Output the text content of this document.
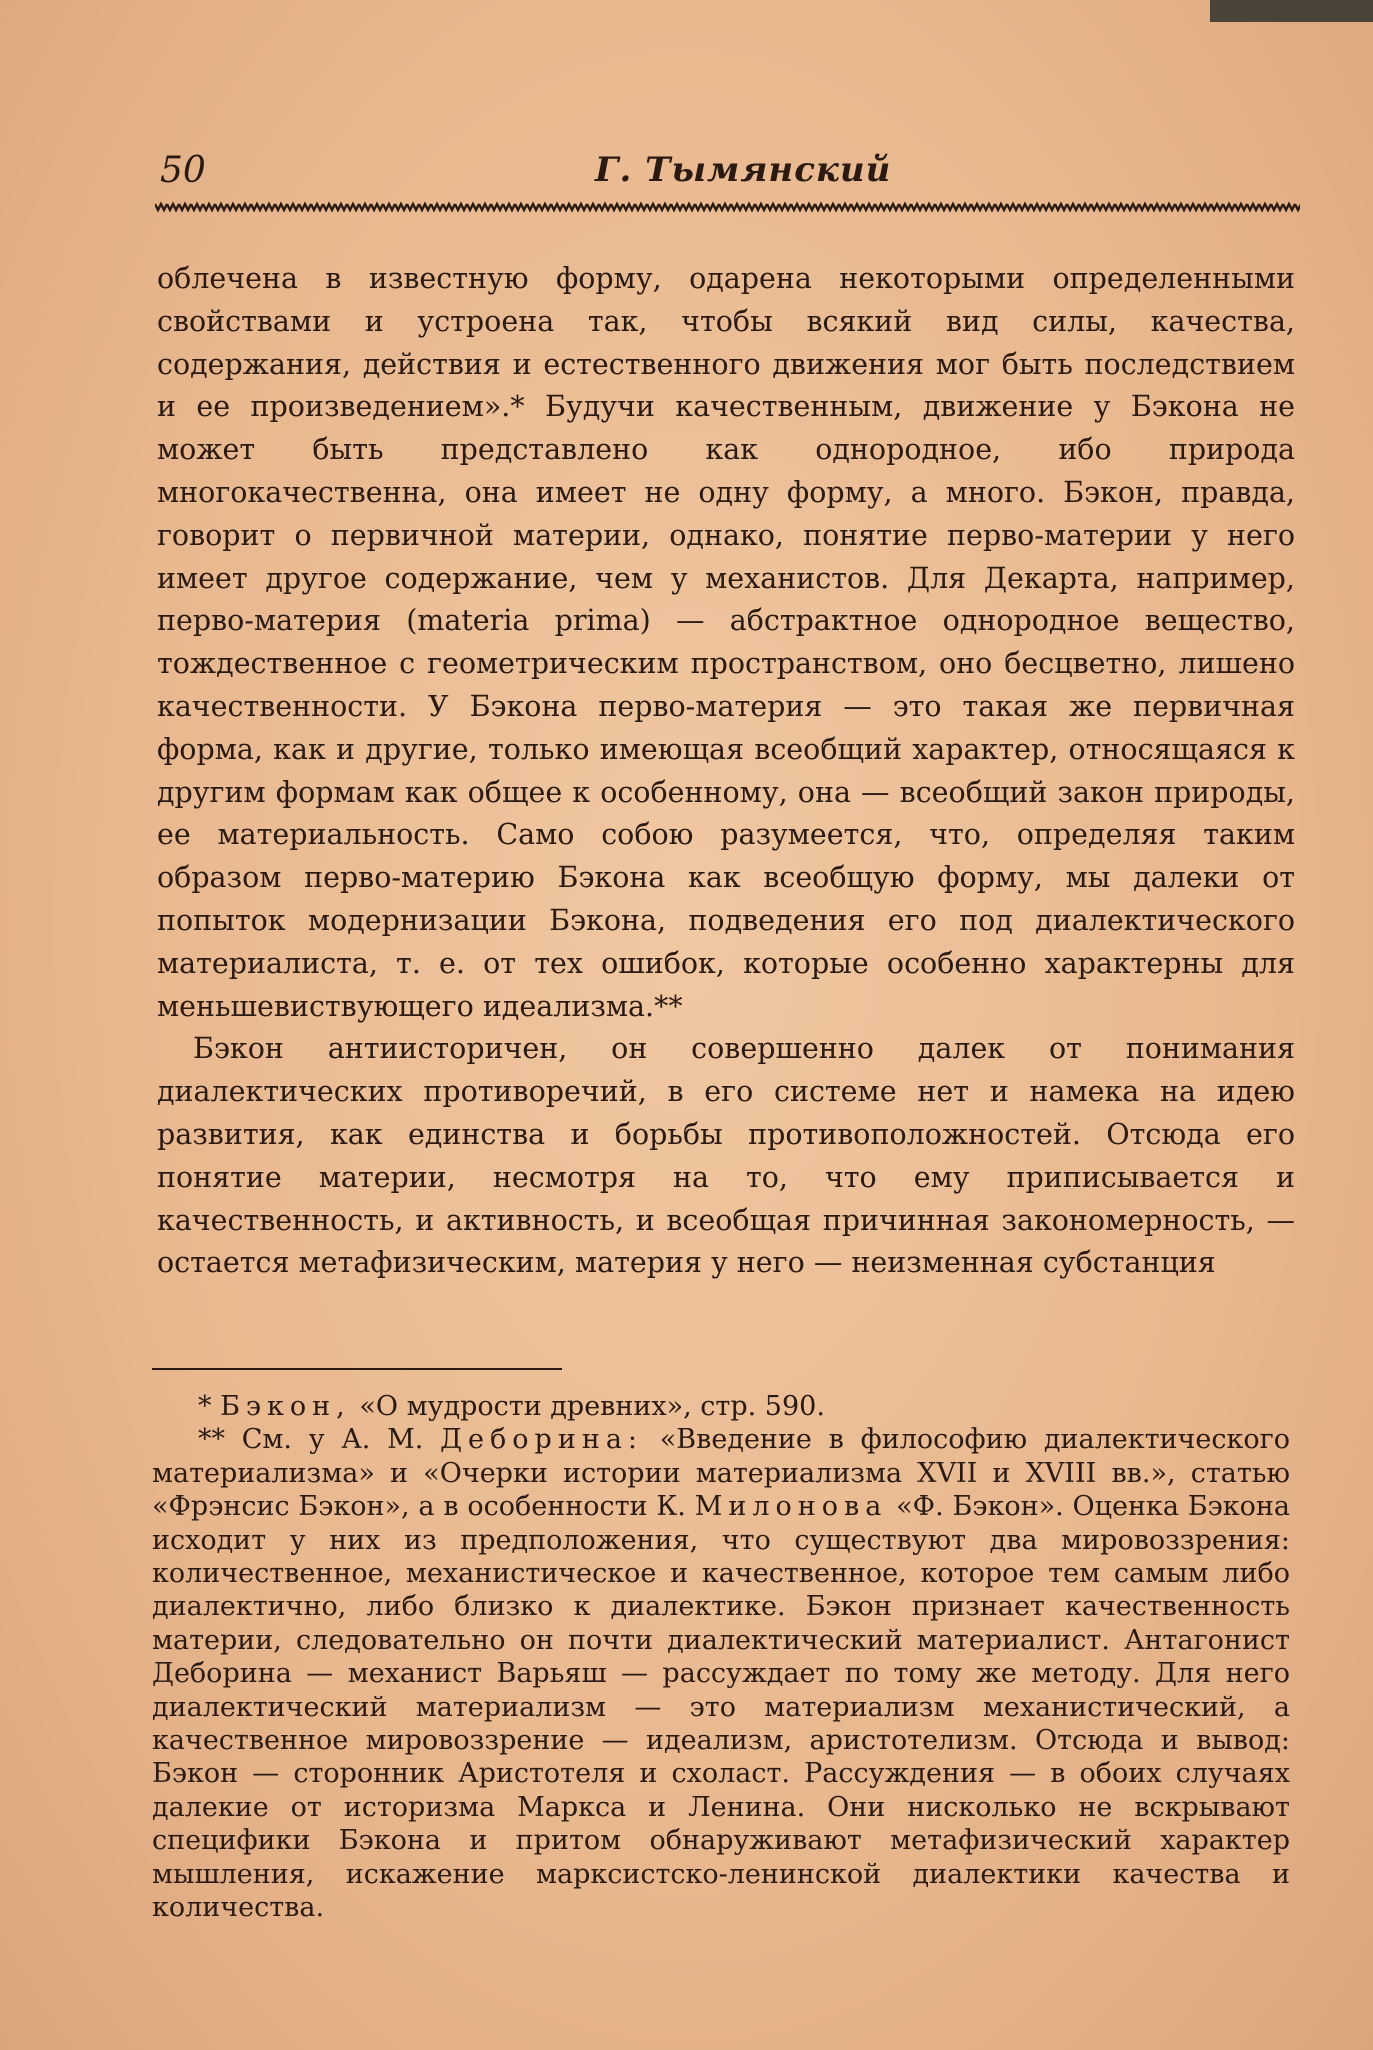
50	Г. Тымянский

облечена в известную форму, одарена некоторыми определенными свойствами и устроена так, чтобы всякий вид силы, качества, содержания, действия и естественного движения мог быть последствием и ее произведением».* Будучи качественным, движение у Бэкона не может быть представлено как однородное, ибо природа многокачественна, она имеет не одну форму, а много. Бэкон, правда, говорит о первичной материи, однако, понятие перво-материи у него имеет другое содержание, чем у механистов. Для Декарта, например, перво-материя (materia prima) — абстрактное однородное вещество, тождественное с геометрическим пространством, оно бесцветно, лишено качественности. У Бэкона перво-материя — это такая же первичная форма, как и другие, только имеющая всеобщий характер, относящаяся к другим формам как общее к особенному, она — всеобщий закон природы, ее материальность. Само собою разумеется, что, определяя таким образом перво-материю Бэкона как всеобщую форму, мы далеки от попыток модернизации Бэкона, подведения его под диалектического материалиста, т. е. от тех ошибок, которые особенно характерны для меньшевиствующего идеализма.**

Бэкон антиисторичен, он совершенно далек от понимания диалектических противоречий, в его системе нет и намека на идею развития, как единства и борьбы противоположностей. Отсюда его понятие материи, несмотря на то, что ему приписывается и качественность, и активность, и всеобщая причинная закономерность, — остается метафизическим, материя у него — неизменная субстанция

* Бэкон, «О мудрости древних», стр. 590.

** См. у А. М. Деборина: «Введение в философию диалектического материализма» и «Очерки истории материализма XVII и XVIII вв.», статью «Фрэнсис Бэкон», а в особенности К. Милонова «Ф. Бэкон». Оценка Бэкона исходит у них из предположения, что существуют два мировоззрения: количественное, механистическое и качественное, которое тем самым либо диалектично, либо близко к диалектике. Бэкон признает качественность материи, следовательно он почти диалектический материалист. Антагонист Деборина — механист Варьяш — рассуждает по тому же методу. Для него диалектический материализм — это материализм механистический, а качественное мировоззрение — идеализм, аристотелизм. Отсюда и вывод: Бэкон — сторонник Аристотеля и схоласт. Рассуждения — в обоих случаях далекие от историзма Маркса и Ленина. Они нисколько не вскрывают специфики Бэкона и притом обнаруживают метафизический характер мышления, искажение марксистско-ленинской диалектики качества и количества.
